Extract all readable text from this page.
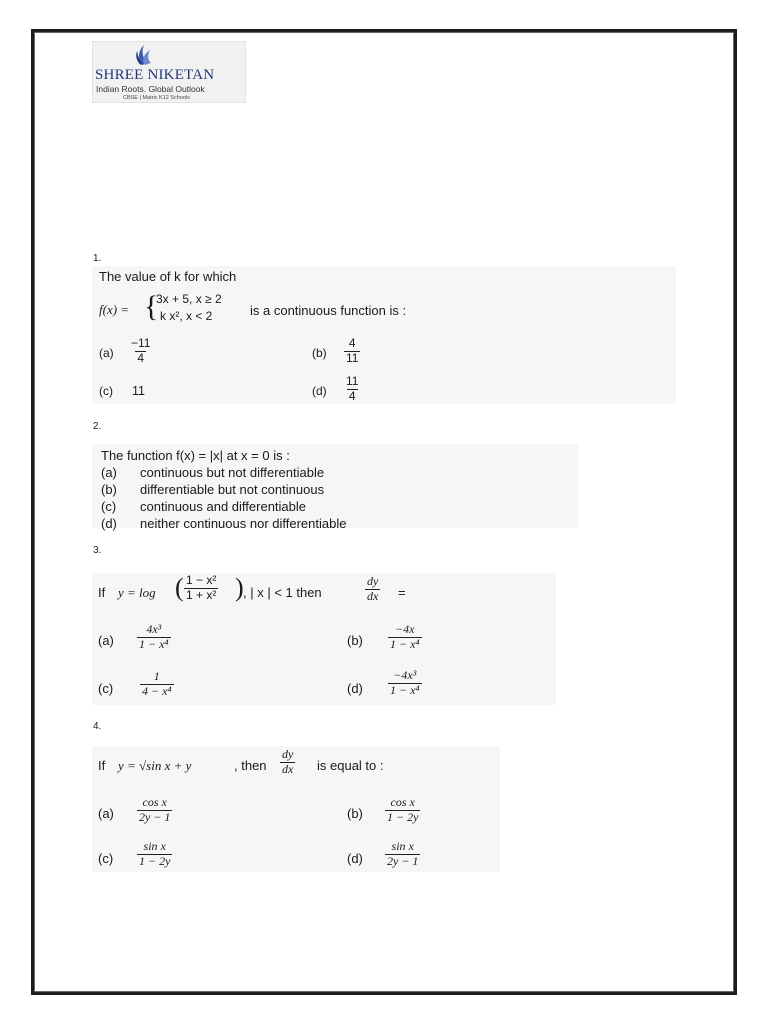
SHREE NIKETAN
Indian Roots. Global Outlook
CBSE | Matric K12 Schools
1.
The value of k for which
f(x) = {
3x + 5, x ≥ 2
k x², x < 2	is a continuous function is :
$(a) \frac{-11}{4}$	$(b) \frac{4}{11}$
(c) 11	$(d) \frac{11}{4}$
2.
The function f(x) = |x| at x = 0 is :
(a) continuous but not differentiable
(b) differentiable but not continuous
(c) continuous and differentiable
(d) neither continuous nor differentiable
3.
If y = log ( $\frac{\text{1 − x²}}{\text{1 + x²}}$ ) , | x | < 1 then	$\frac{dy}{dx}$ =
$(a) \frac{\text{4x³}}{\text{1 − x⁴}}$	$(b) \frac{-4x}{\text{1 − x⁴}}$
$(c) \frac{1}{\text{4 − x⁴}}$	$(d) \frac{\text{−4x³}}{\text{1 − x⁴}}$
4.
If y = √sin x + y	, then $\frac{dy}{dx}$ is equal to :
$(a) \frac{\text{cos x}}{2y - 1}$	$(b) \frac{\text{cos x}}{1 - 2y}$
$(c) \frac{\text{sin x}}{1 - 2y}$	$(d) \frac{\text{sin x}}{2y - 1}$
